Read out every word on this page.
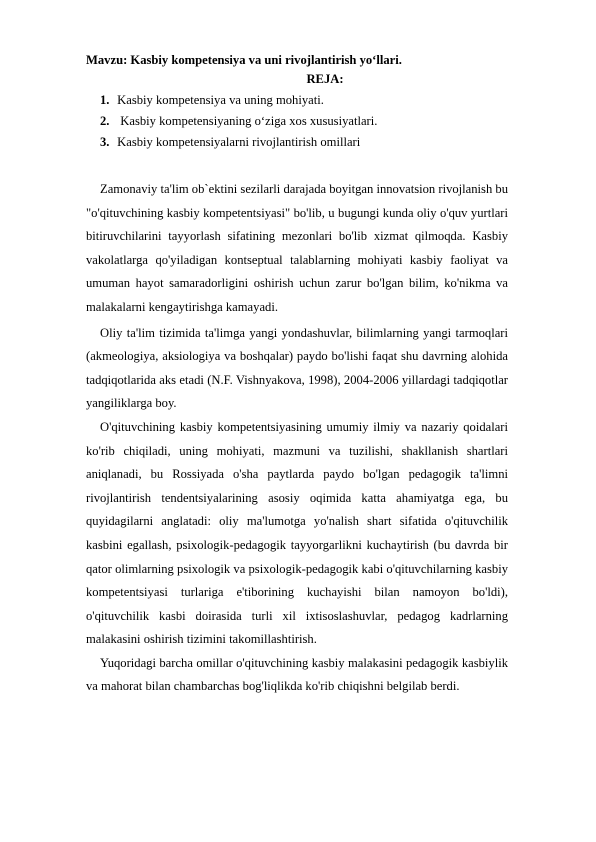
Mavzu: Kasbiy kompetensiya va uni rivojlantirish yo‘llari.

REJA:

1. Kasbiy kompetensiya va uning mohiyati.
2.  Kasbiy kompetensiyaning o‘ziga xos xususiyatlari.
3. Kasbiy kompetensiyalarni rivojlantirish omillari

Zamonaviy ta'lim ob`ektini sezilarli darajada boyitgan innovatsion rivojlanish bu "o'qituvchining kasbiy kompetentsiyasi" bo'lib, u bugungi kunda oliy o'quv yurtlari bitiruvchilarini tayyorlash sifatining mezonlari bo'lib xizmat qilmoqda. Kasbiy vakolatlarga qo'yiladigan kontseptual talablarning mohiyati kasbiy faoliyat va umuman hayot samaradorligini oshirish uchun zarur bo'lgan bilim, ko'nikma va malakalarni kengaytirishga kamayadi.

Oliy ta'lim tizimida ta'limga yangi yondashuvlar, bilimlarning yangi tarmoqlari (akmeologiya, aksiologiya va boshqalar) paydo bo'lishi faqat shu davrning alohida tadqiqotlarida aks etadi (N.F. Vishnyakova, 1998), 2004-2006 yillardagi tadqiqotlar yangiliklarga boy.

O'qituvchining kasbiy kompetentsiyasining umumiy ilmiy va nazariy qoidalari ko'rib chiqiladi, uning mohiyati, mazmuni va tuzilishi, shakllanish shartlari aniqlanadi, bu Rossiyada o'sha paytlarda paydo bo'lgan pedagogik ta'limni rivojlantirish tendentsiyalarining asosiy oqimida katta ahamiyatga ega, bu quyidagilarni anglatadi: oliy ma'lumotga yo'nalish shart sifatida o'qituvchilik kasbini egallash, psixologik-pedagogik tayyorgarlikni kuchaytirish (bu davrda bir qator olimlarning psixologik va psixologik-pedagogik kabi o'qituvchilarning kasbiy kompetentsiyasi turlariga e'tiborining kuchayishi bilan namoyon bo'ldi), o'qituvchilik kasbi doirasida turli xil ixtisoslashuvlar, pedagog kadrlarning malakasini oshirish tizimini takomillashtirish.

Yuqoridagi barcha omillar o'qituvchining kasbiy malakasini pedagogik kasbiylik va mahorat bilan chambarchas bog'liqlikda ko'rib chiqishni belgilab berdi.
